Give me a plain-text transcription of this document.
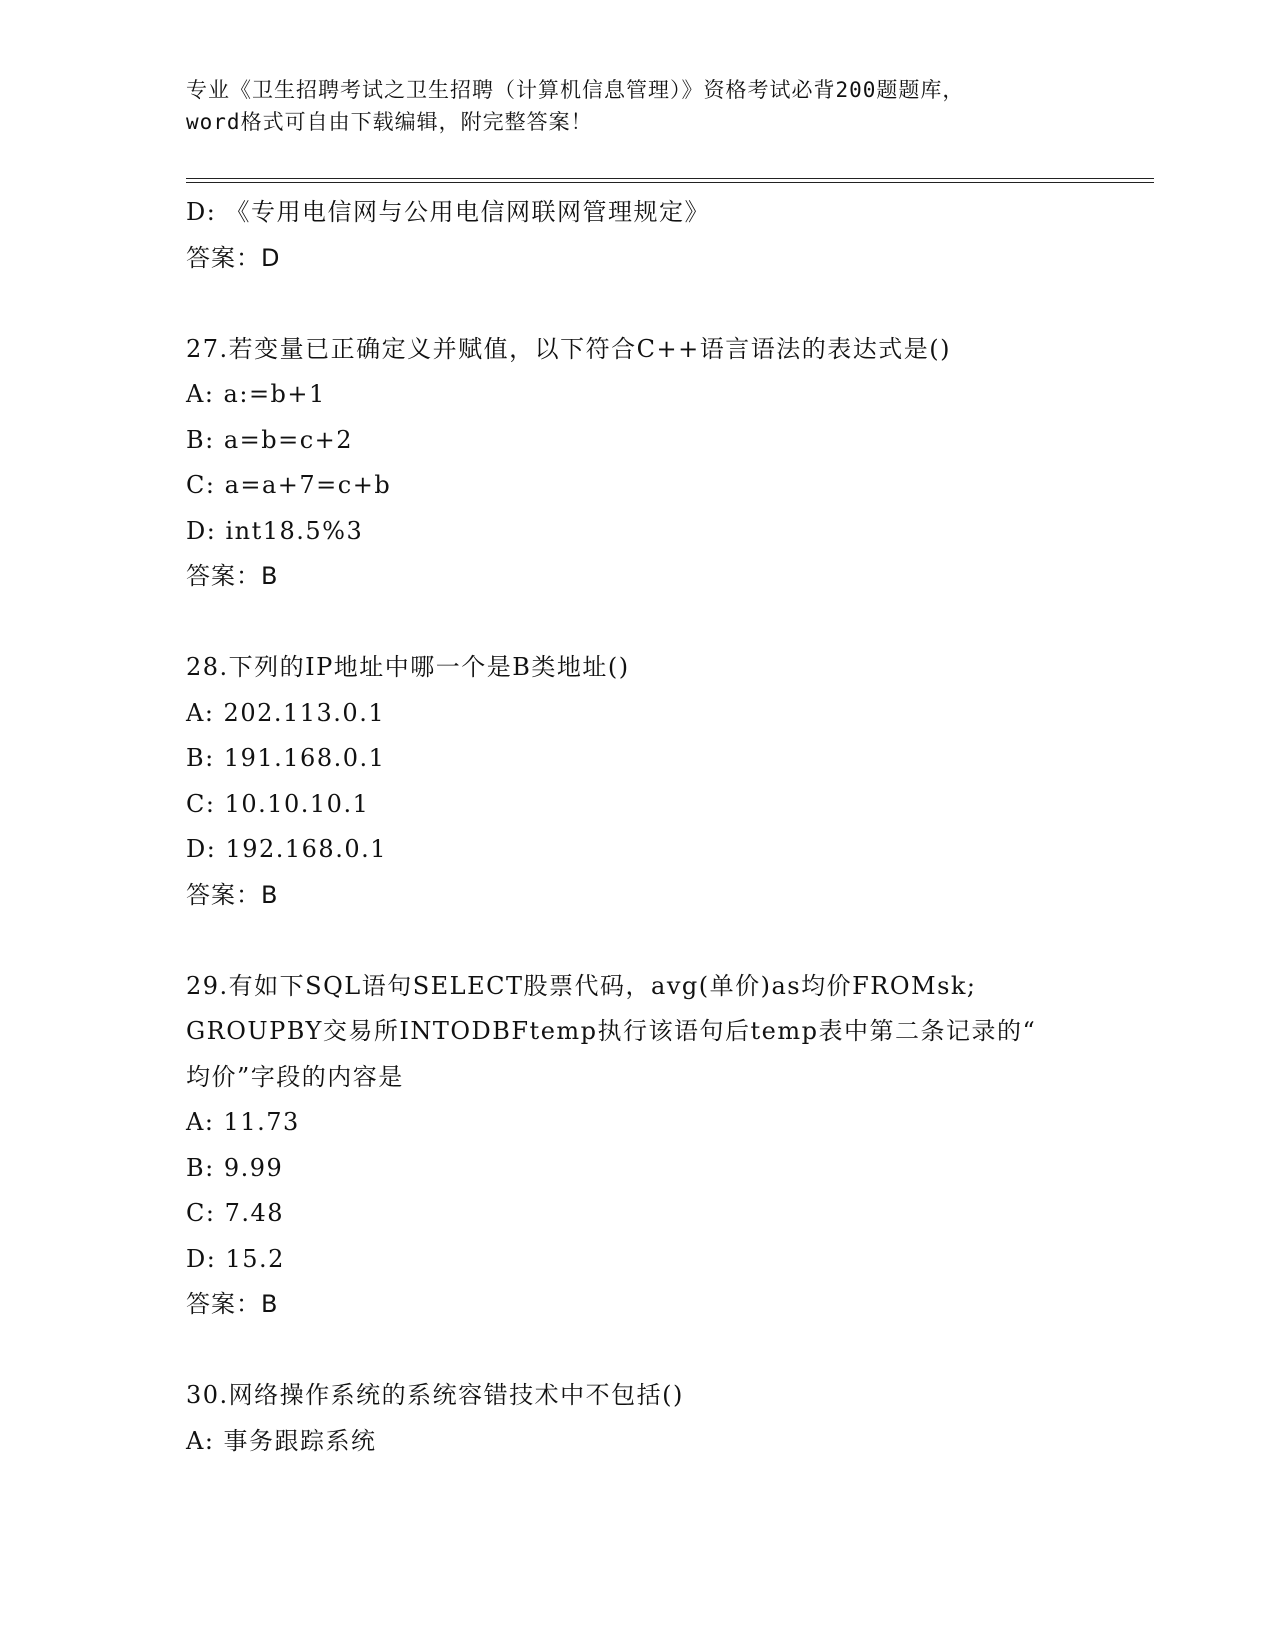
专业《卫生招聘考试之卫生招聘（计算机信息管理）》资格考试必背200题题库，
word格式可自由下载编辑，附完整答案！
D: 《专用电信网与公用电信网联网管理规定》
答案：D
27.若变量已正确定义并赋值，以下符合C++语言语法的表达式是()
A: a:=b+1
B: a=b=c+2
C: a=a+7=c+b
D: int18.5%3
答案：B
28.下列的IP地址中哪一个是B类地址()
A: 202.113.0.1
B: 191.168.0.1
C: 10.10.10.1
D: 192.168.0.1
答案：B
29.有如下SQL语句SELECT股票代码，avg(单价)as均价FROMsk;
GROUPBY交易所INTODBFtemp执行该语句后temp表中第二条记录的“
均价”字段的内容是
A: 11.73
B: 9.99
C: 7.48
D: 15.2
答案：B
30.网络操作系统的系统容错技术中不包括()
A: 事务跟踪系统
